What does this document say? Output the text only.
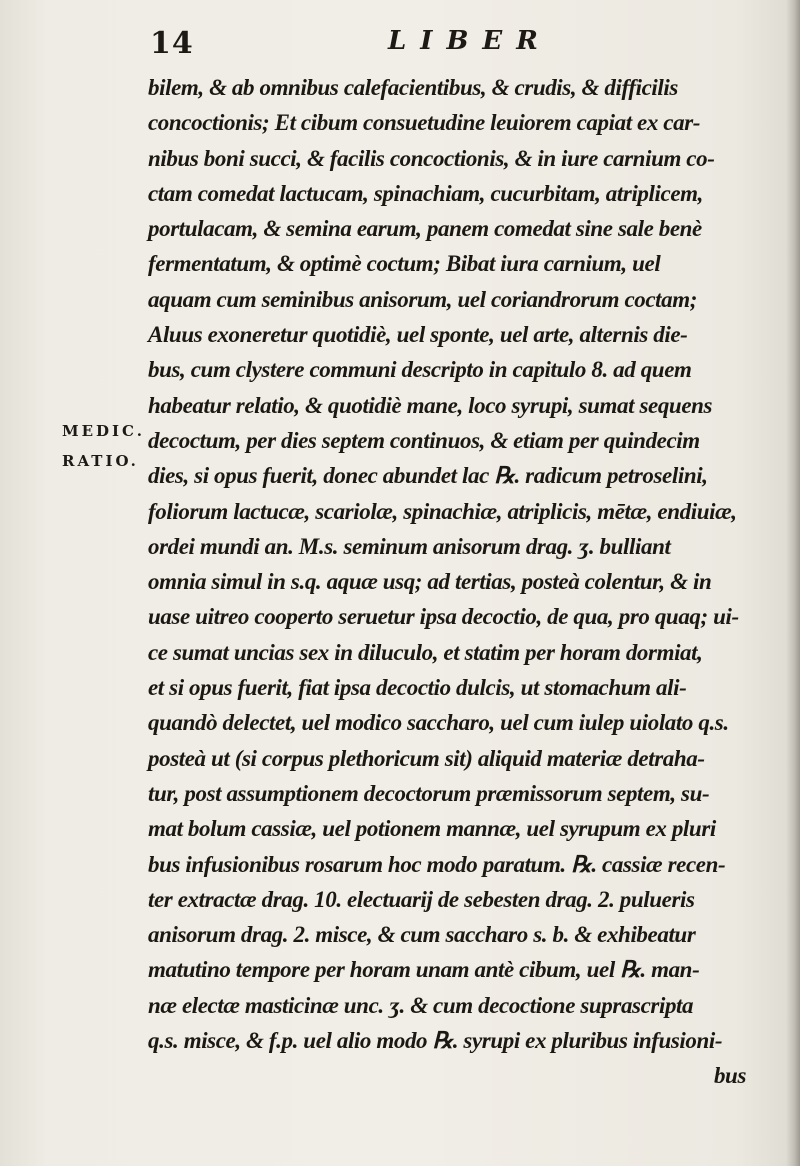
14	LIBER
MEDIC.
RATIO.
bilem, & ab omnibus calefacientibus, & crudis, & difficilis
concoctionis; Et cibum consuetudine leuiorem capiat ex car-
nibus boni succi, & facilis concoctionis, & in iure carnium co-
ctam comedat lactucam, spinachiam, cucurbitam, atriplicem,
portulacam, & semina earum, panem comedat sine sale benè
fermentatum, & optimè coctum; Bibat iura carnium, uel
aquam cum seminibus anisorum, uel coriandrorum coctam;
Aluus exoneretur quotidiè, uel sponte, uel arte, alternis die-
bus, cum clystere communi descripto in capitulo 8. ad quem
habeatur relatio, & quotidiè mane, loco syrupi, sumat sequens
decoctum, per dies septem continuos, & etiam per quindecim
dies, si opus fuerit, donec abundet lac ℞. radicum petroselini,
foliorum lactucæ, scariolæ, spinachiæ, atriplicis, mētæ, endiuiæ,
ordei mundi an. M.s. seminum anisorum drag. ʒ. bulliant
omnia simul in s.q. aquæ usq; ad tertias, posteà colentur, & in
uase uitreo cooperto seruetur ipsa decoctio, de qua, pro quaq; ui-
ce sumat uncias sex in diluculo, et statim per horam dormiat,
et si opus fuerit, fiat ipsa decoctio dulcis, ut stomachum ali-
quandò delectet, uel modico saccharo, uel cum iulep uiolato q.s.
posteà ut (si corpus plethoricum sit) aliquid materiæ detraha-
tur, post assumptionem decoctorum præmissorum septem, su-
mat bolum cassiæ, uel potionem mannæ, uel syrupum ex pluri
bus infusionibus rosarum hoc modo paratum. ℞. cassiæ recen-
ter extractæ drag. 10. electuarij de sebesten drag. 2. pulueris
anisorum drag. 2. misce, & cum saccharo s. b. & exhibeatur
matutino tempore per horam unam antè cibum, uel ℞. man-
næ electæ masticinæ unc. ʒ. & cum decoctione suprascripta
q.s. misce, & f.p. uel alio modo ℞. syrupi ex pluribus infusioni-
bus
